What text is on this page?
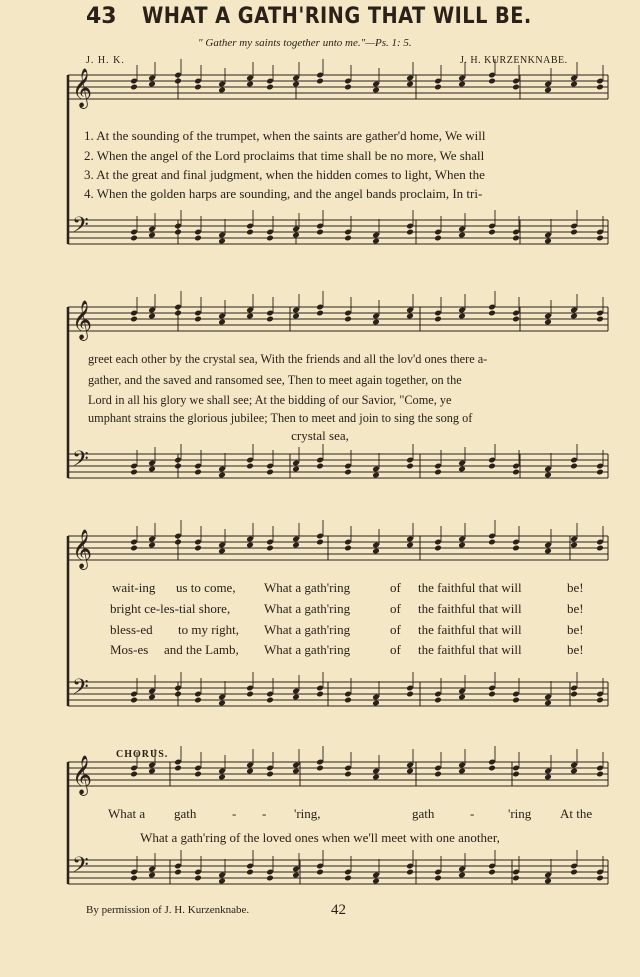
43 WHAT A GATH'RING THAT WILL BE.
" Gather my saints together unto me."—Ps. 1: 5.
J. H. K.	J. H. KURZENKNABE.
𝄞
𝄢
𝄞
𝄢
𝄞
𝄢
𝄞
𝄢
1. At the sounding of the trumpet, when the saints are gather'd home, We will
2. When the angel of the Lord proclaims that time shall be no more, We shall
3. At the great and final judgment, when the hidden comes to light, When the
4. When the golden harps are sounding, and the angel bands proclaim, In tri-
greet each other by the crystal sea, With the friends and all the lov'd ones there a-
gather, and the saved and ransomed see, Then to meet again together, on the
Lord in all his glory we shall see; At the bidding of our Savior, "Come, ye
umphant strains the glorious jubilee; Then to meet and join to sing the song of
crystal sea,
wait-ing us to come, What a gath'ring	of the faithful that will	be!
bright ce-les-tial shore,	What a gath'ring	of the faithful that will	be!
bless-ed to my right, What a gath'ring	of the faithful that will	be!
Mos-es and the Lamb, What a gath'ring	of the faithful that will	be!
CHORUS.
What a gath	- - 'ring,	gath	-	'ring At the
What a gath'ring of the loved ones when we'll meet with one another,
By permission of J. H. Kurzenknabe.	42
